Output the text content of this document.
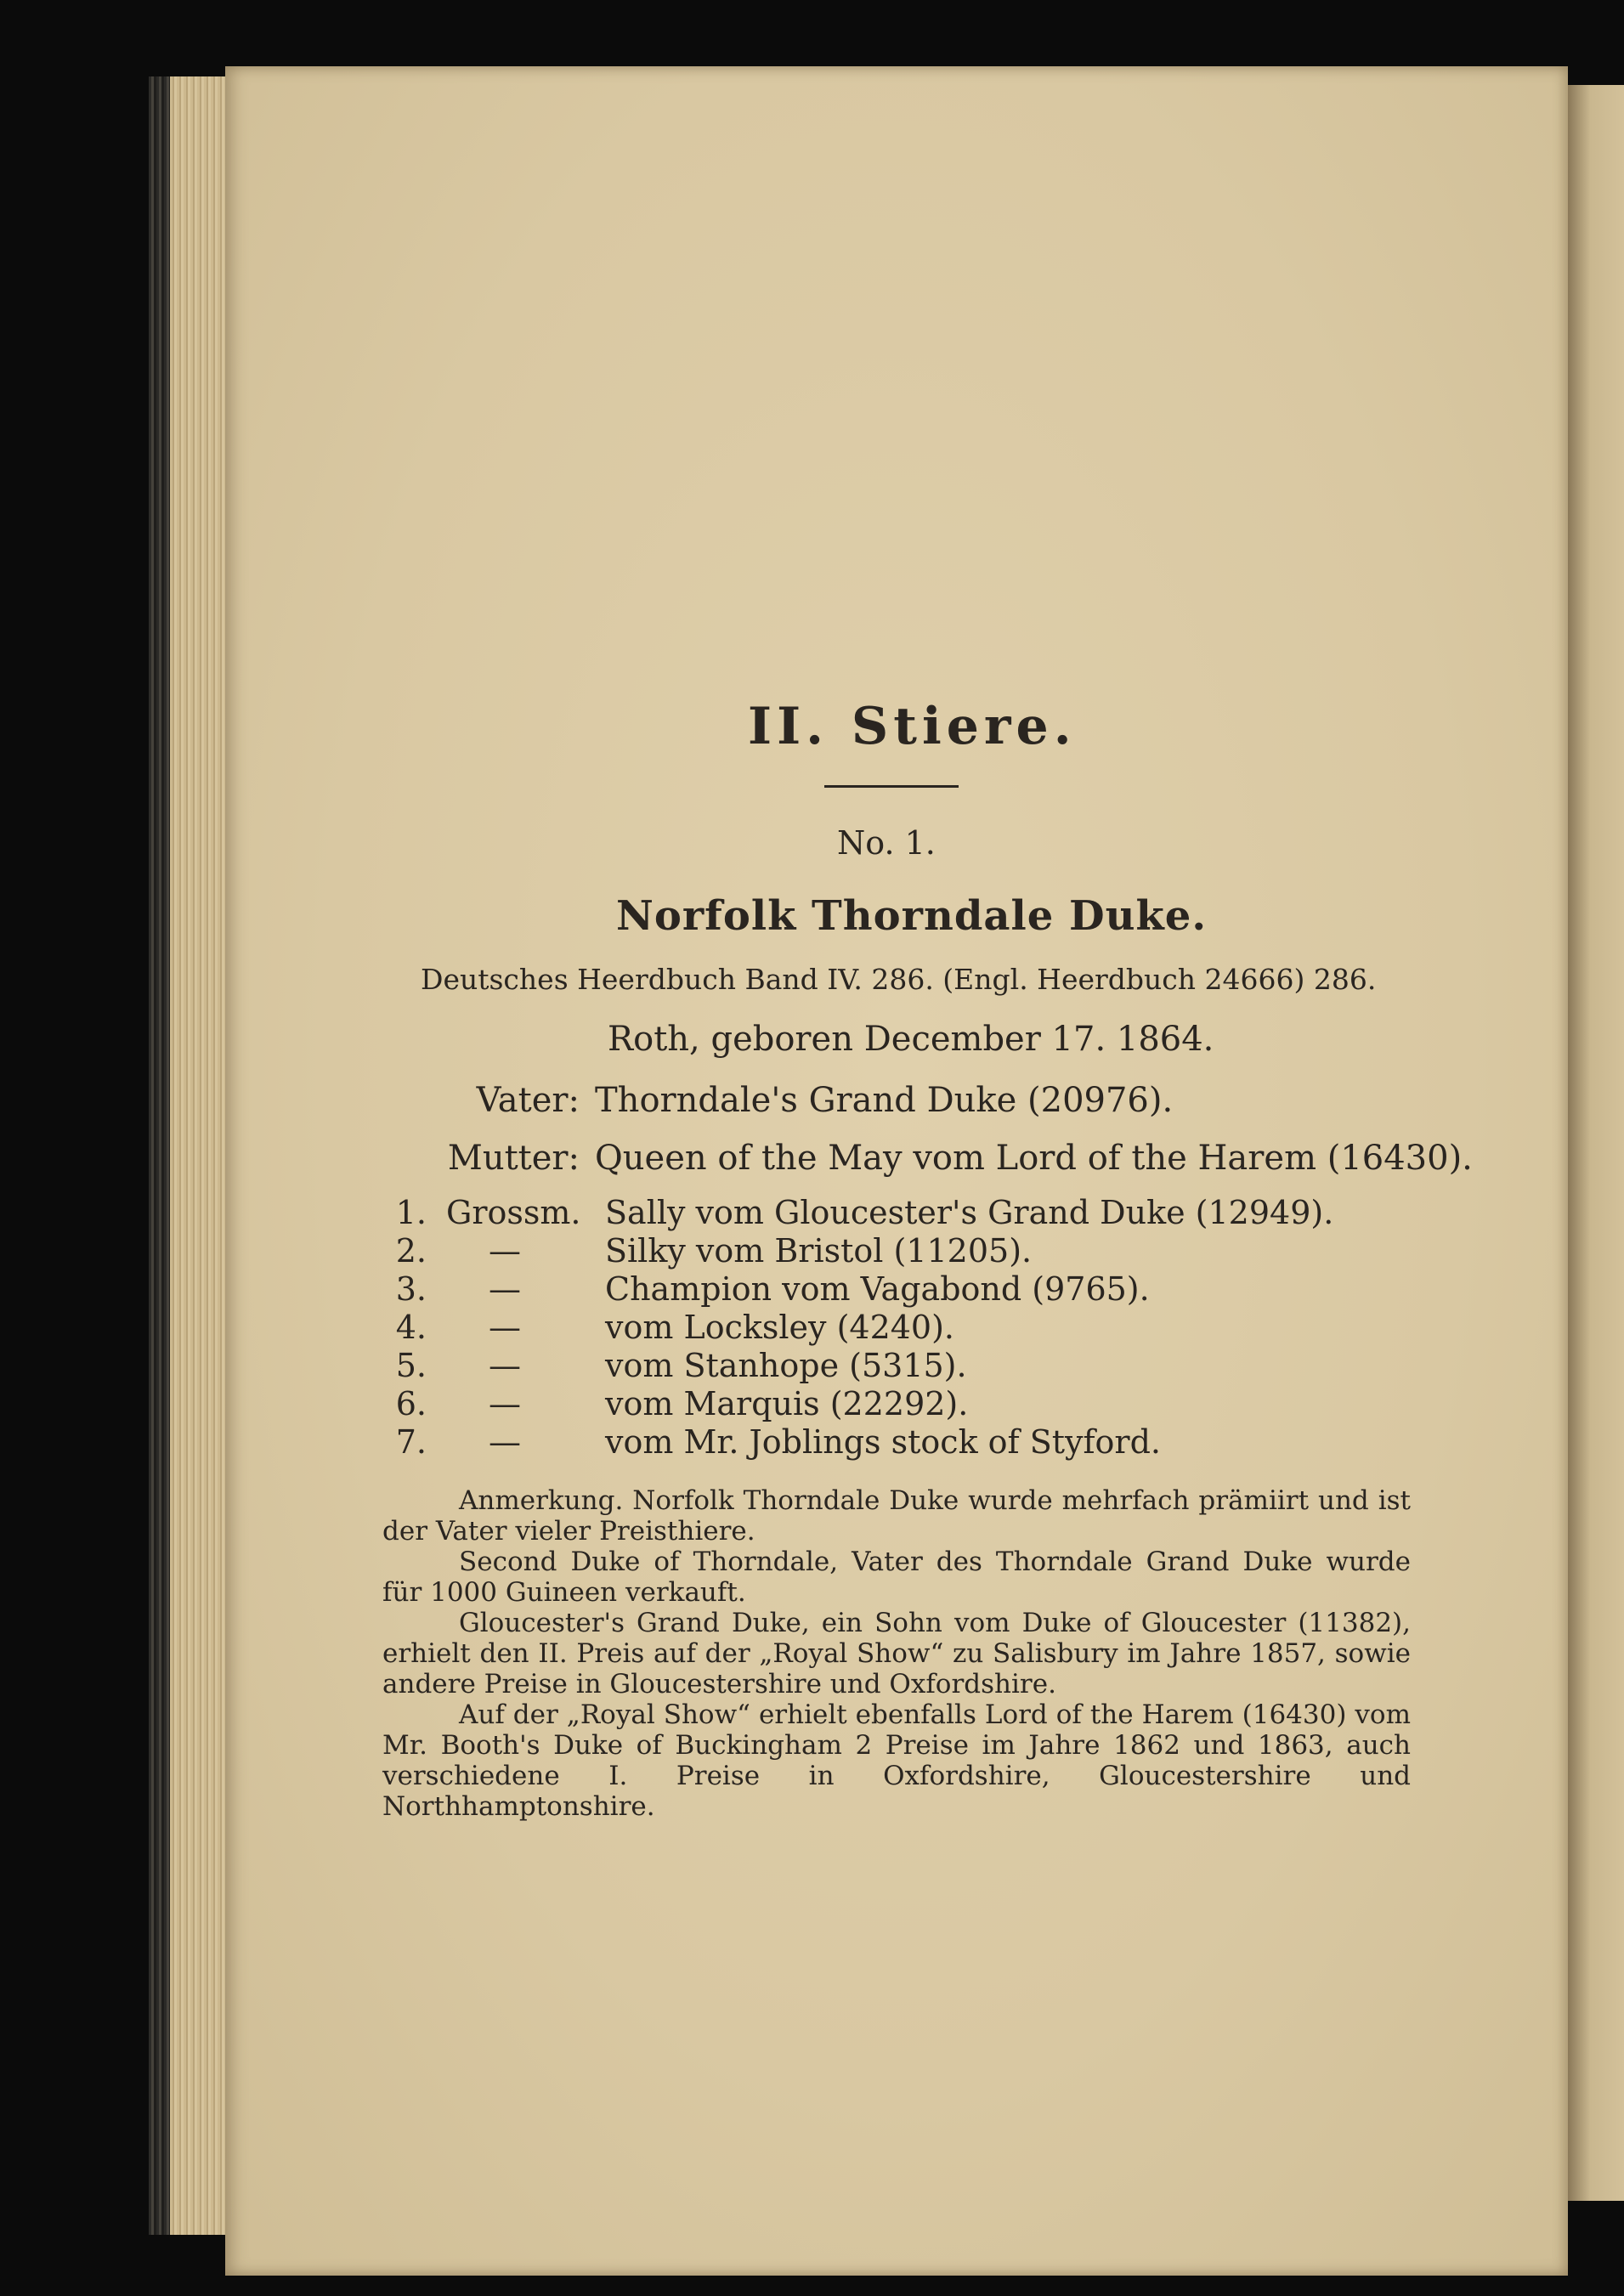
II. Stiere.
No. 1.
Norfolk Thorndale Duke.
Deutsches Heerdbuch Band IV. 286. (Engl. Heerdbuch 24666) 286.
Roth, geboren December 17. 1864.
Vater: Thorndale's Grand Duke (20976).
Mutter: Queen of the May vom Lord of the Harem (16430).
1. Grossm. Sally vom Gloucester's Grand Duke (12949).
2. —	Silky vom Bristol (11205).
3. —	Champion vom Vagabond (9765).
4. —	vom Locksley (4240).
5. —	vom Stanhope (5315).
6. —	vom Marquis (22292).
7. —	vom Mr. Joblings stock of Styford.

Anmerkung. Norfolk Thorndale Duke wurde mehrfach prämiirt und ist der Vater vieler Preisthiere.

Second Duke of Thorndale, Vater des Thorndale Grand Duke wurde für 1000 Guineen verkauft.

Gloucester's Grand Duke, ein Sohn vom Duke of Gloucester (11382), erhielt den II. Preis auf der „Royal Show“ zu Salisbury im Jahre 1857, sowie andere Preise in Gloucestershire und Oxfordshire.

Auf der „Royal Show“ erhielt ebenfalls Lord of the Harem (16430) vom Mr. Booth's Duke of Buckingham 2 Preise im Jahre 1862 und 1863, auch verschiedene I. Preise in Oxfordshire, Gloucestershire und Northhamptonshire.
